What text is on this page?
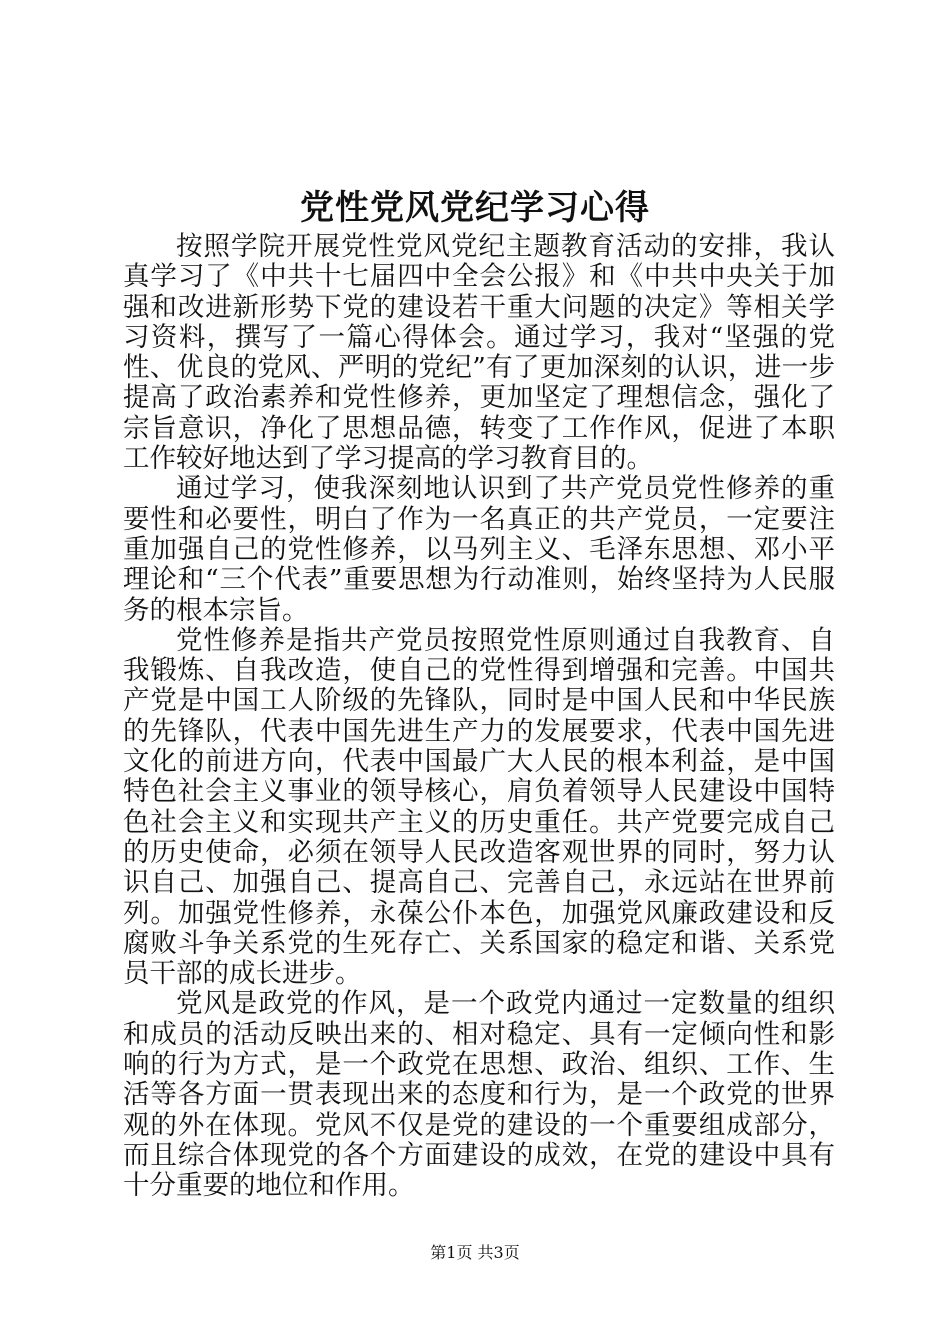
党性党风党纪学习心得

按照学院开展党性党风党纪主题教育活动的安排，我认真学习了《中共十七届四中全会公报》和《中共中央关于加强和改进新形势下党的建设若干重大问题的决定》等相关学习资料，撰写了一篇心得体会。通过学习，我对“坚强的党性、优良的党风、严明的党纪”有了更加深刻的认识，进一步提高了政治素养和党性修养，更加坚定了理想信念，强化了宗旨意识，净化了思想品德，转变了工作作风，促进了本职工作较好地达到了学习提高的学习教育目的。

通过学习，使我深刻地认识到了共产党员党性修养的重要性和必要性，明白了作为一名真正的共产党员，一定要注重加强自己的党性修养，以马列主义、毛泽东思想、邓小平理论和“三个代表”重要思想为行动准则，始终坚持为人民服务的根本宗旨。

党性修养是指共产党员按照党性原则通过自我教育、自我锻炼、自我改造，使自己的党性得到增强和完善。中国共产党是中国工人阶级的先锋队，同时是中国人民和中华民族的先锋队，代表中国先进生产力的发展要求，代表中国先进文化的前进方向，代表中国最广大人民的根本利益，是中国特色社会主义事业的领导核心，肩负着领导人民建设中国特色社会主义和实现共产主义的历史重任。共产党要完成自己的历史使命，必须在领导人民改造客观世界的同时，努力认识自己、加强自己、提高自己、完善自己，永远站在世界前列。加强党性修养，永葆公仆本色，加强党风廉政建设和反腐败斗争关系党的生死存亡、关系国家的稳定和谐、关系党员干部的成长进步。

党风是政党的作风，是一个政党内通过一定数量的组织和成员的活动反映出来的、相对稳定、具有一定倾向性和影响的行为方式，是一个政党在思想、政治、组织、工作、生活等各方面一贯表现出来的态度和行为，是一个政党的世界观的外在体现。党风不仅是党的建设的一个重要组成部分，而且综合体现党的各个方面建设的成效，在党的建设中具有十分重要的地位和作用。

第1页 共3页
